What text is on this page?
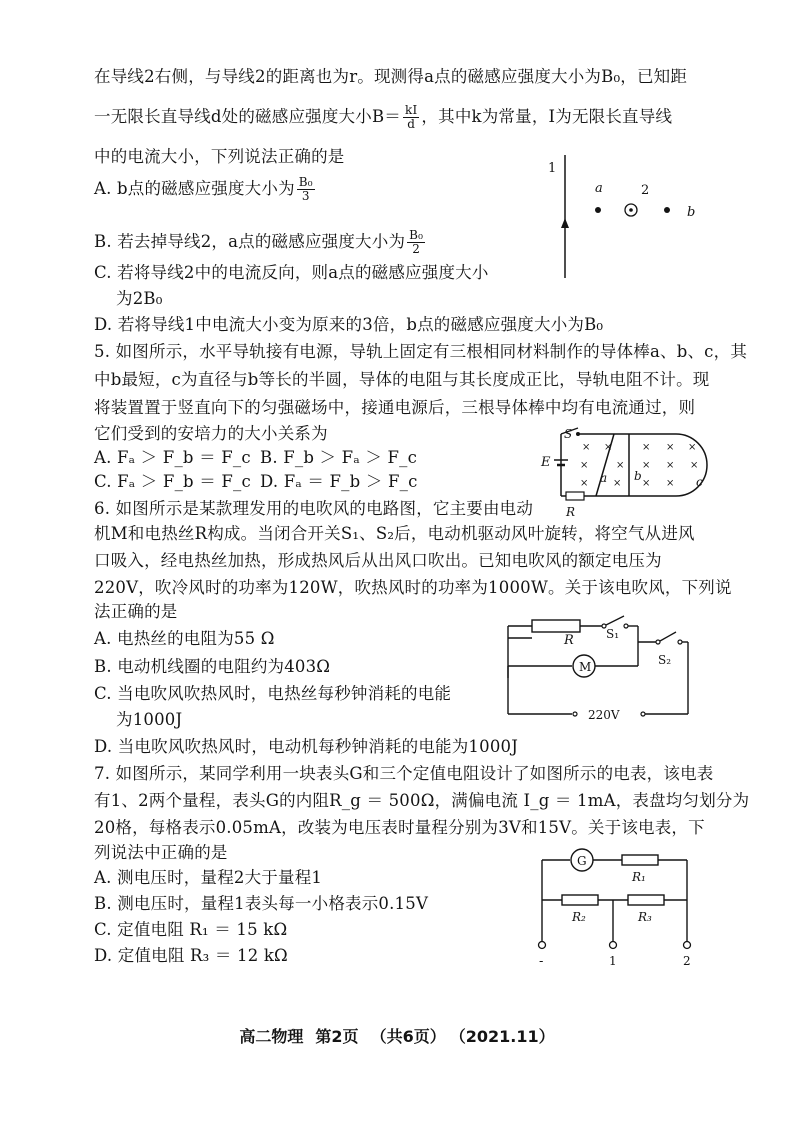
在导线2右侧，与导线2的距离也为r。现测得a点的磁感应强度大小为B₀，已知距
一无限长直导线d处的磁感应强度大小$B= \frac{kI}{d}$ ，其中k为常量，I为无限长直导线
中的电流大小，下列说法正确的是
A. b点的磁感应强度大小为 $\frac{\text{B₀}}{3}$
B. 若去掉导线2，a点的磁感应强度大小为 $\frac{\text{B₀}}{2}$
C. 若将导线2中的电流反向，则a点的磁感应强度大小
为2B₀
D. 若将导线1中电流大小变为原来的3倍，b点的磁感应强度大小为B₀
1
a	2
b
5. 如图所示，水平导轨接有电源，导轨上固定有三根相同材料制作的导体棒a、b、c，其
中b最短，c为直径与b等长的半圆，导体的电阻与其长度成正比，导轨电阻不计。现
将装置置于竖直向下的匀强磁场中，接通电源后，三根导体棒中均有电流通过，则
它们受到的安培力的大小关系为
A. Fₐ ＞ F_b ＝ F_c B. F_b ＞ Fₐ ＞ F_c
C. Fₐ ＞ F_b ＝ F_c D. Fₐ ＝ F_b ＞ F_c
S
E
R
× ×	× × ×
×	× × × ×
× × × ×
a b	c
6. 如图所示是某款理发用的电吹风的电路图，它主要由电动
机M和电热丝R构成。当闭合开关S₁、S₂后，电动机驱动风叶旋转，将空气从进风
口吸入，经电热丝加热，形成热风后从出风口吹出。已知电吹风的额定电压为
220V，吹冷风时的功率为120W，吹热风时的功率为1000W。关于该电吹风，下列说
法正确的是
A. 电热丝的电阻为55 Ω
B. 电动机线圈的电阻约为403Ω
C. 当电吹风吹热风时，电热丝每秒钟消耗的电能
为1000J
D. 当电吹风吹热风时，电动机每秒钟消耗的电能为1000J
R	S₁
M	S₂
220V
7. 如图所示，某同学利用一块表头G和三个定值电阻设计了如图所示的电表，该电表
有1、2两个量程，表头G的内阻R_g ＝ 500Ω，满偏电流 I_g ＝ 1mA，表盘均匀划分为
20格，每格表示0.05mA，改装为电压表时量程分别为3V和15V。关于该电表，下
列说法中正确的是
A. 测电压时，量程2大于量程1
B. 测电压时，量程1表头每一小格表示0.15V
C. 定值电阻 R₁ ＝ 15 kΩ
D. 定值电阻 R₃ ＝ 12 kΩ
G
R₁
R₂	R₃
-	1	2
高二物理 第2页 （共6页） （2021.11）
